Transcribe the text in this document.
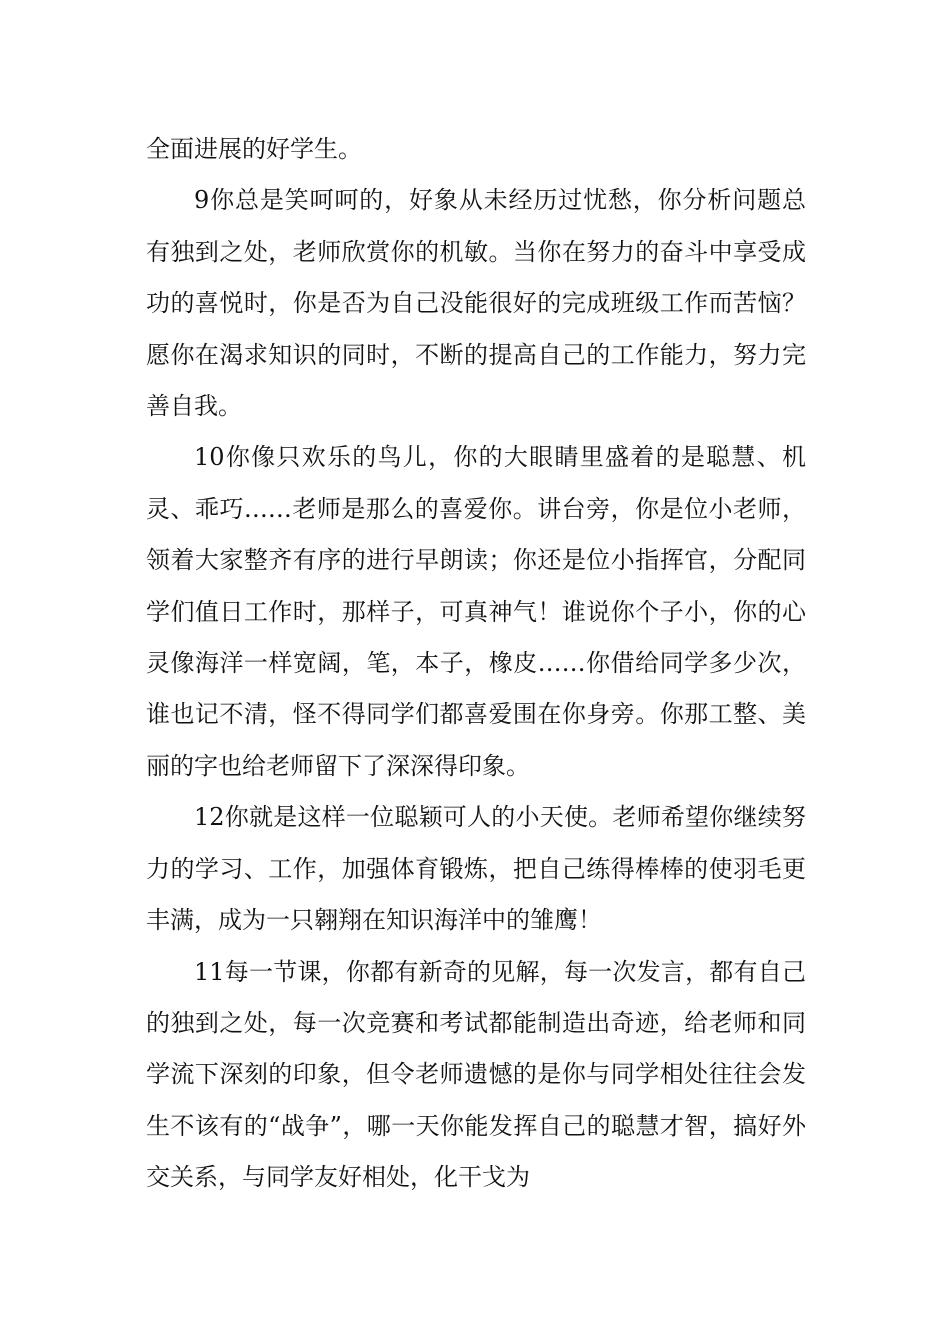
全面进展的好学生。

9你总是笑呵呵的，好象从未经历过忧愁，你分析问题总有独到之处，老师欣赏你的机敏。当你在努力的奋斗中享受成功的喜悦时，你是否为自己没能很好的完成班级工作而苦恼？愿你在渴求知识的同时，不断的提高自己的工作能力，努力完善自我。

10你像只欢乐的鸟儿，你的大眼睛里盛着的是聪慧、机灵、乖巧……老师是那么的喜爱你。讲台旁，你是位小老师，领着大家整齐有序的进行早朗读；你还是位小指挥官，分配同学们值日工作时，那样子，可真神气！谁说你个子小，你的心灵像海洋一样宽阔，笔，本子，橡皮……你借给同学多少次，谁也记不清，怪不得同学们都喜爱围在你身旁。你那工整、美丽的字也给老师留下了深深得印象。

12你就是这样一位聪颖可人的小天使。老师希望你继续努力的学习、工作，加强体育锻炼，把自己练得棒棒的使羽毛更丰满，成为一只翱翔在知识海洋中的雏鹰！

11每一节课，你都有新奇的见解，每一次发言，都有自己的独到之处，每一次竞赛和考试都能制造出奇迹，给老师和同学流下深刻的印象，但令老师遗憾的是你与同学相处往往会发生不该有的“战争”，哪一天你能发挥自己的聪慧才智，搞好外交关系，与同学友好相处，化干戈为
